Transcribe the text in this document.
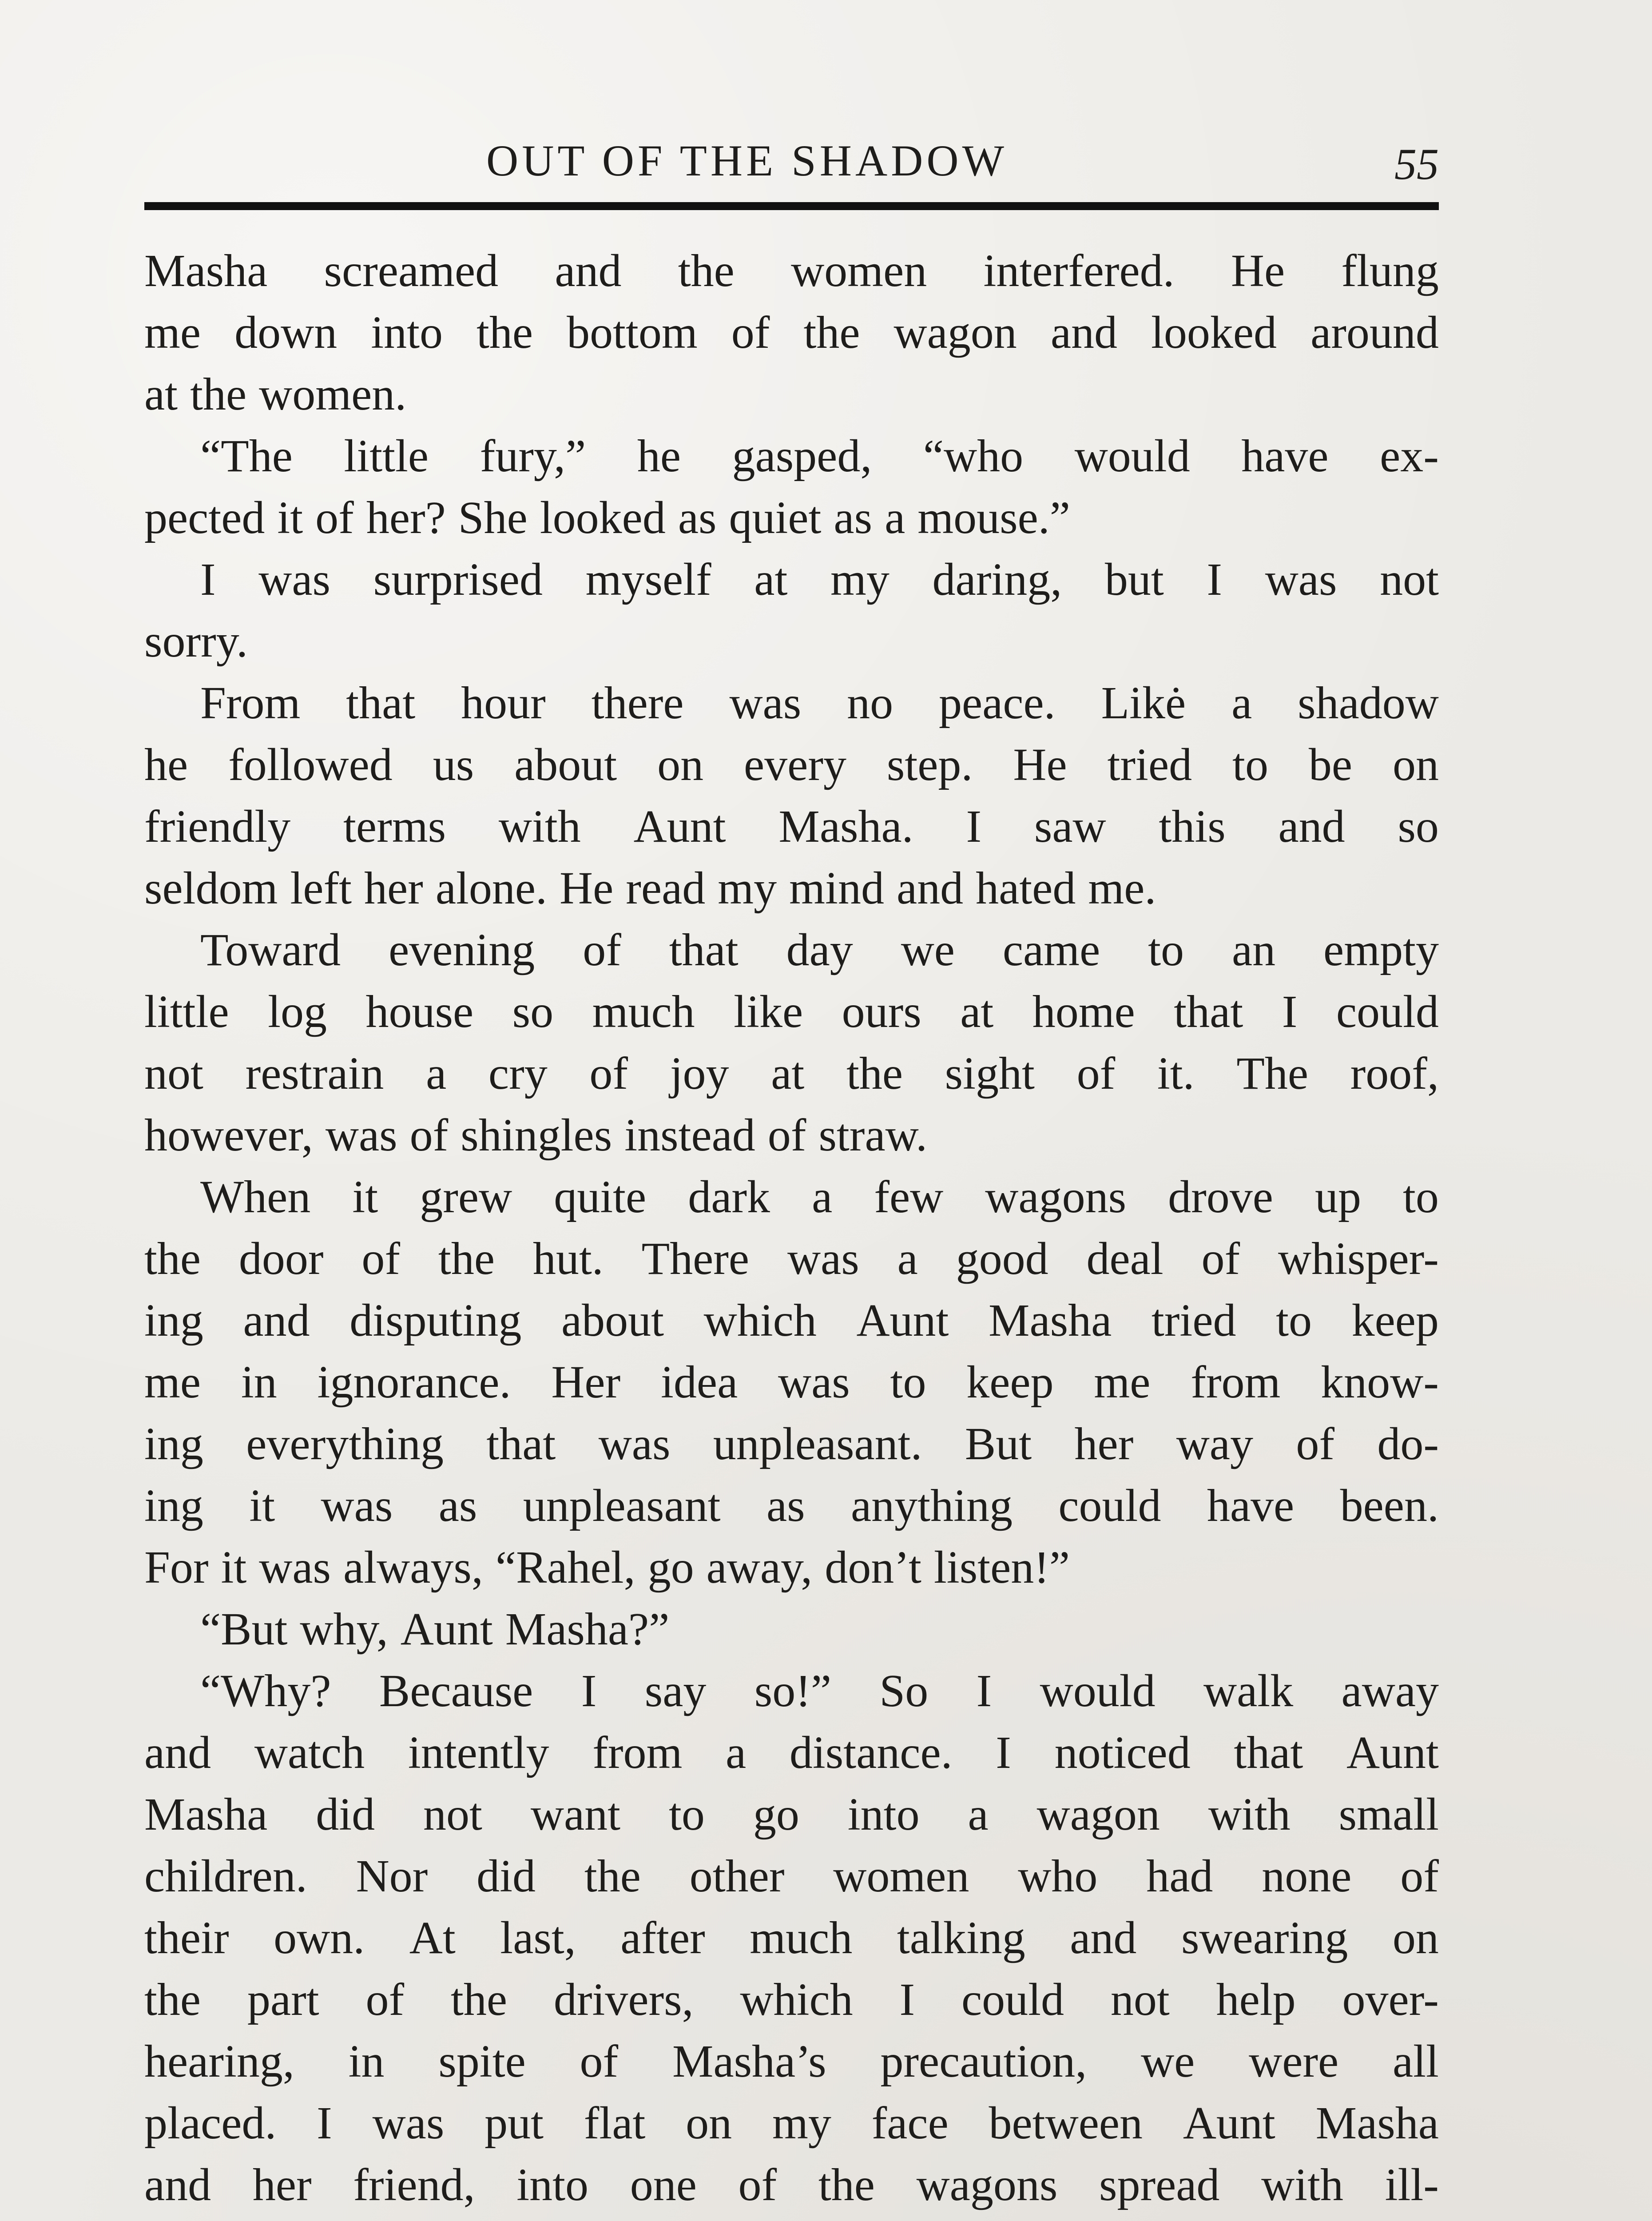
OUT OF THE SHADOW	55
Masha screamed and the women interfered. He flung
me down into the bottom of the wagon and looked around
at the women.
“The little fury,” he gasped, “who would have ex-
pected it of her? She looked as quiet as a mouse.”
I was surprised myself at my daring, but I was not
sorry.
From that hour there was no peace. Likė a shadow
he followed us about on every step. He tried to be on
friendly terms with Aunt Masha. I saw this and so
seldom left her alone. He read my mind and hated me.
Toward evening of that day we came to an empty
little log house so much like ours at home that I could
not restrain a cry of joy at the sight of it. The roof,
however, was of shingles instead of straw.
When it grew quite dark a few wagons drove up to
the door of the hut. There was a good deal of whisper-
ing and disputing about which Aunt Masha tried to keep
me in ignorance. Her idea was to keep me from know-
ing everything that was unpleasant. But her way of do-
ing it was as unpleasant as anything could have been.
For it was always, “Rahel, go away, don’t listen!”
“But why, Aunt Masha?”
“Why? Because I say so!” So I would walk away
and watch intently from a distance. I noticed that Aunt
Masha did not want to go into a wagon with small
children. Nor did the other women who had none of
their own. At last, after much talking and swearing on
the part of the drivers, which I could not help over-
hearing, in spite of Masha’s precaution, we were all
placed. I was put flat on my face between Aunt Masha
and her friend, into one of the wagons spread with ill-
